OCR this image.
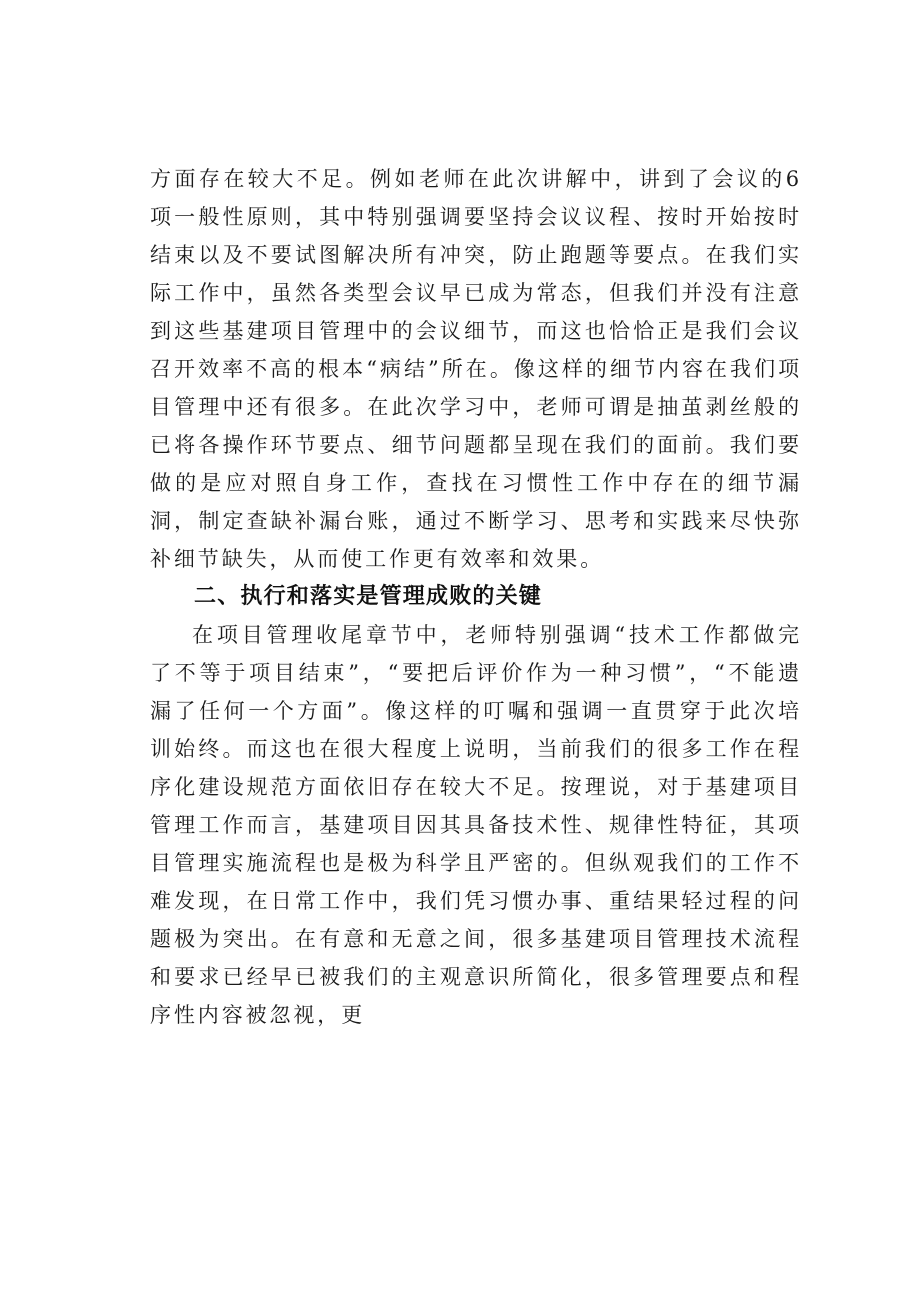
方面存在较大不足。例如老师在此次讲解中，讲到了会议的6项一般性原则，其中特别强调要坚持会议议程、按时开始按时结束以及不要试图解决所有冲突，防止跑题等要点。在我们实际工作中，虽然各类型会议早已成为常态，但我们并没有注意到这些基建项目管理中的会议细节，而这也恰恰正是我们会议召开效率不高的根本“病结”所在。像这样的细节内容在我们项目管理中还有很多。在此次学习中，老师可谓是抽茧剥丝般的已将各操作环节要点、细节问题都呈现在我们的面前。我们要做的是应对照自身工作，查找在习惯性工作中存在的细节漏洞，制定查缺补漏台账，通过不断学习、思考和实践来尽快弥补细节缺失，从而使工作更有效率和效果。

二、执行和落实是管理成败的关键

在项目管理收尾章节中，老师特别强调“技术工作都做完了不等于项目结束”，“要把后评价作为一种习惯”，“不能遗漏了任何一个方面”。像这样的叮嘱和强调一直贯穿于此次培训始终。而这也在很大程度上说明，当前我们的很多工作在程序化建设规范方面依旧存在较大不足。按理说，对于基建项目管理工作而言，基建项目因其具备技术性、规律性特征，其项目管理实施流程也是极为科学且严密的。但纵观我们的工作不难发现，在日常工作中，我们凭习惯办事、重结果轻过程的问题极为突出。在有意和无意之间，很多基建项目管理技术流程和要求已经早已被我们的主观意识所简化，很多管理要点和程序性内容被忽视，更
